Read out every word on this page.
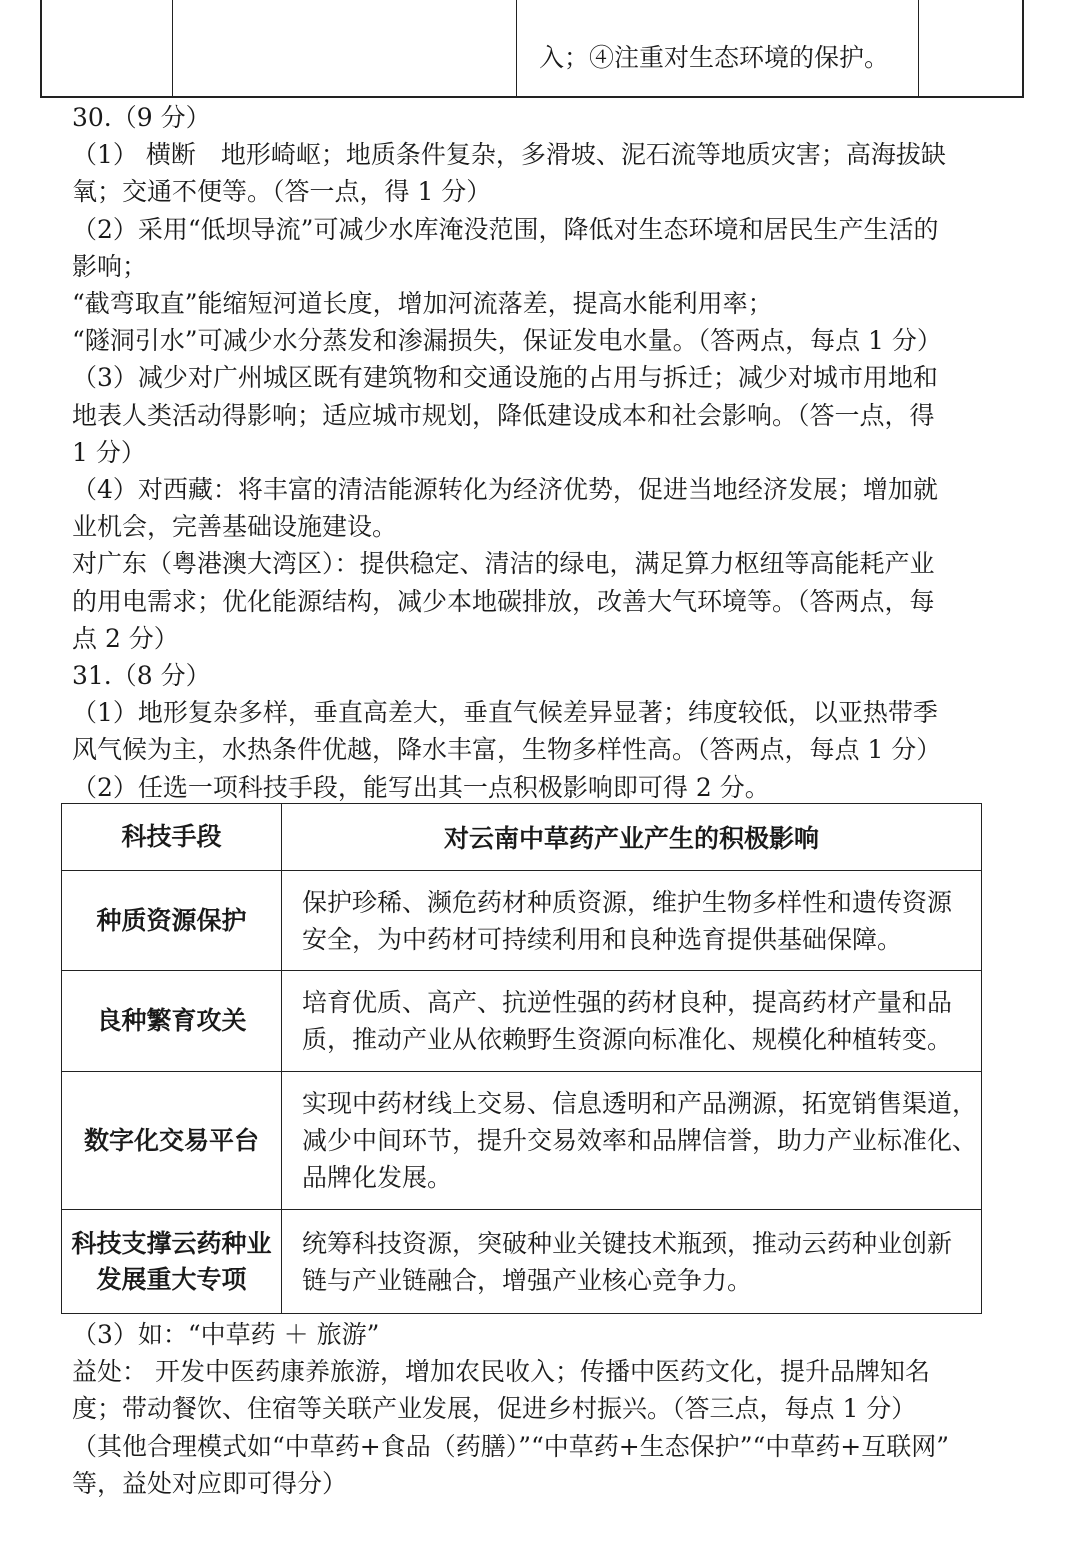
入；④注重对生态环境的保护。

30.（9 分）

（1） 横断　地形崎岖；地质条件复杂，多滑坡、泥石流等地质灾害；高海拔缺

氧；交通不便等。（答一点，得 1 分）

（2）采用“低坝导流”可减少水库淹没范围，降低对生态环境和居民生产生活的

影响；

“截弯取直”能缩短河道长度，增加河流落差，提高水能利用率；

“隧洞引水”可减少水分蒸发和渗漏损失，保证发电水量。（答两点，每点 1 分）

（3）减少对广州城区既有建筑物和交通设施的占用与拆迁；减少对城市用地和

地表人类活动得影响；适应城市规划，降低建设成本和社会影响。（答一点，得

1 分）

（4）对西藏：将丰富的清洁能源转化为经济优势，促进当地经济发展；增加就

业机会，完善基础设施建设。

对广东（粤港澳大湾区）：提供稳定、清洁的绿电，满足算力枢纽等高能耗产业

的用电需求；优化能源结构，减少本地碳排放，改善大气环境等。（答两点，每

点 2 分）

31.（8 分）

（1）地形复杂多样，垂直高差大，垂直气候差异显著；纬度较低，以亚热带季

风气候为主，水热条件优越，降水丰富，生物多样性高。（答两点，每点 1 分）

（2）任选一项科技手段，能写出其一点积极影响即可得 2 分。

科技手段	对云南中草药产业产生的积极影响
种质资源保护	保护珍稀、濒危药材种质资源，维护生物多样性和遗传资源
安全，为中药材可持续利用和良种选育提供基础保障。

良种繁育攻关	培育优质、高产、抗逆性强的药材良种，提高药材产量和品
质，推动产业从依赖野生资源向标准化、规模化种植转变。

数字化交易平台	实现中药材线上交易、信息透明和产品溯源，拓宽销售渠道，
减少中间环节，提升交易效率和品牌信誉，助力产业标准化、
品牌化发展。

科技支撑云药种业发展重大专项	统筹科技资源，突破种业关键技术瓶颈，推动云药种业创新
链与产业链融合，增强产业核心竞争力。

（3）如：“中草药 ＋ 旅游”

益处： 开发中医药康养旅游，增加农民收入；传播中医药文化，提升品牌知名

度；带动餐饮、住宿等关联产业发展，促进乡村振兴。（答三点，每点 1 分）

（其他合理模式如“中草药+食品（药膳）”“中草药+生态保护”“中草药+互联网”

等，益处对应即可得分）
